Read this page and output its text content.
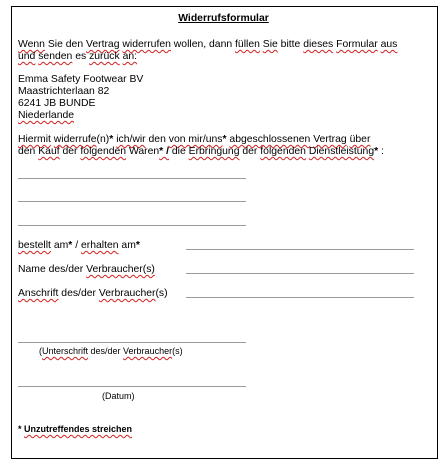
Widerrufsformular
Wenn Sie den Vertrag widerrufen wollen, dann füllen Sie bitte dieses Formular aus
und senden es zurück an:
Emma Safety Footwear BV
Maastrichterlaan 82
6241 JB BUNDE
Niederlande
Hiermit widerrufe(n)* ich/wir den von mir/uns* abgeschlossenen Vertrag über
den Kauf der folgenden Waren* / die Erbringung der folgenden Dienstleistung* :
bestellt am* / erhalten am*
Name des/der Verbraucher(s)
Anschrift des/der Verbraucher(s)
(Unterschrift des/der Verbraucher(s)
(Datum)
* Unzutreffendes streichen
